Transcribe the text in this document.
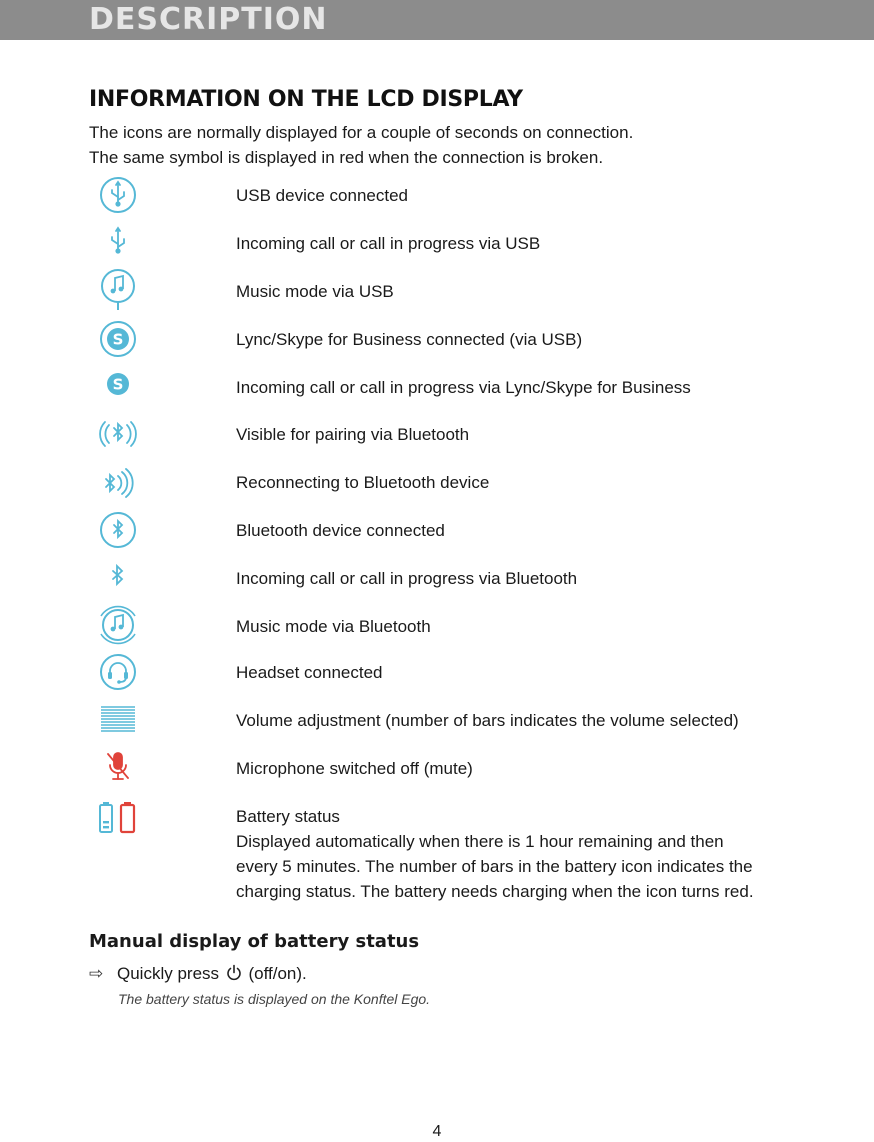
DESCRIPTION
INFORMATION ON THE LCD DISPLAY
The icons are normally displayed for a couple of seconds on connection.
The same symbol is displayed in red when the connection is broken.
USB device connected
Incoming call or call in progress via USB
Music mode via USB
S	Lync/Skype for Business connected (via USB)
S	Incoming call or call in progress via Lync/Skype for Business
Visible for pairing via Bluetooth
Reconnecting to Bluetooth device
Bluetooth device connected
Incoming call or call in progress via Bluetooth
Music mode via Bluetooth
Headset connected
Volume adjustment (number of bars indicates the volume selected)
Microphone switched off (mute)
Battery status
Displayed automatically when there is 1 hour remaining and then
every 5 minutes. The number of bars in the battery icon indicates the
charging status. The battery needs charging when the icon turns red.
Manual display of battery status
⇨ Quickly press (off/on).
The battery status is displayed on the Konftel Ego.
4
